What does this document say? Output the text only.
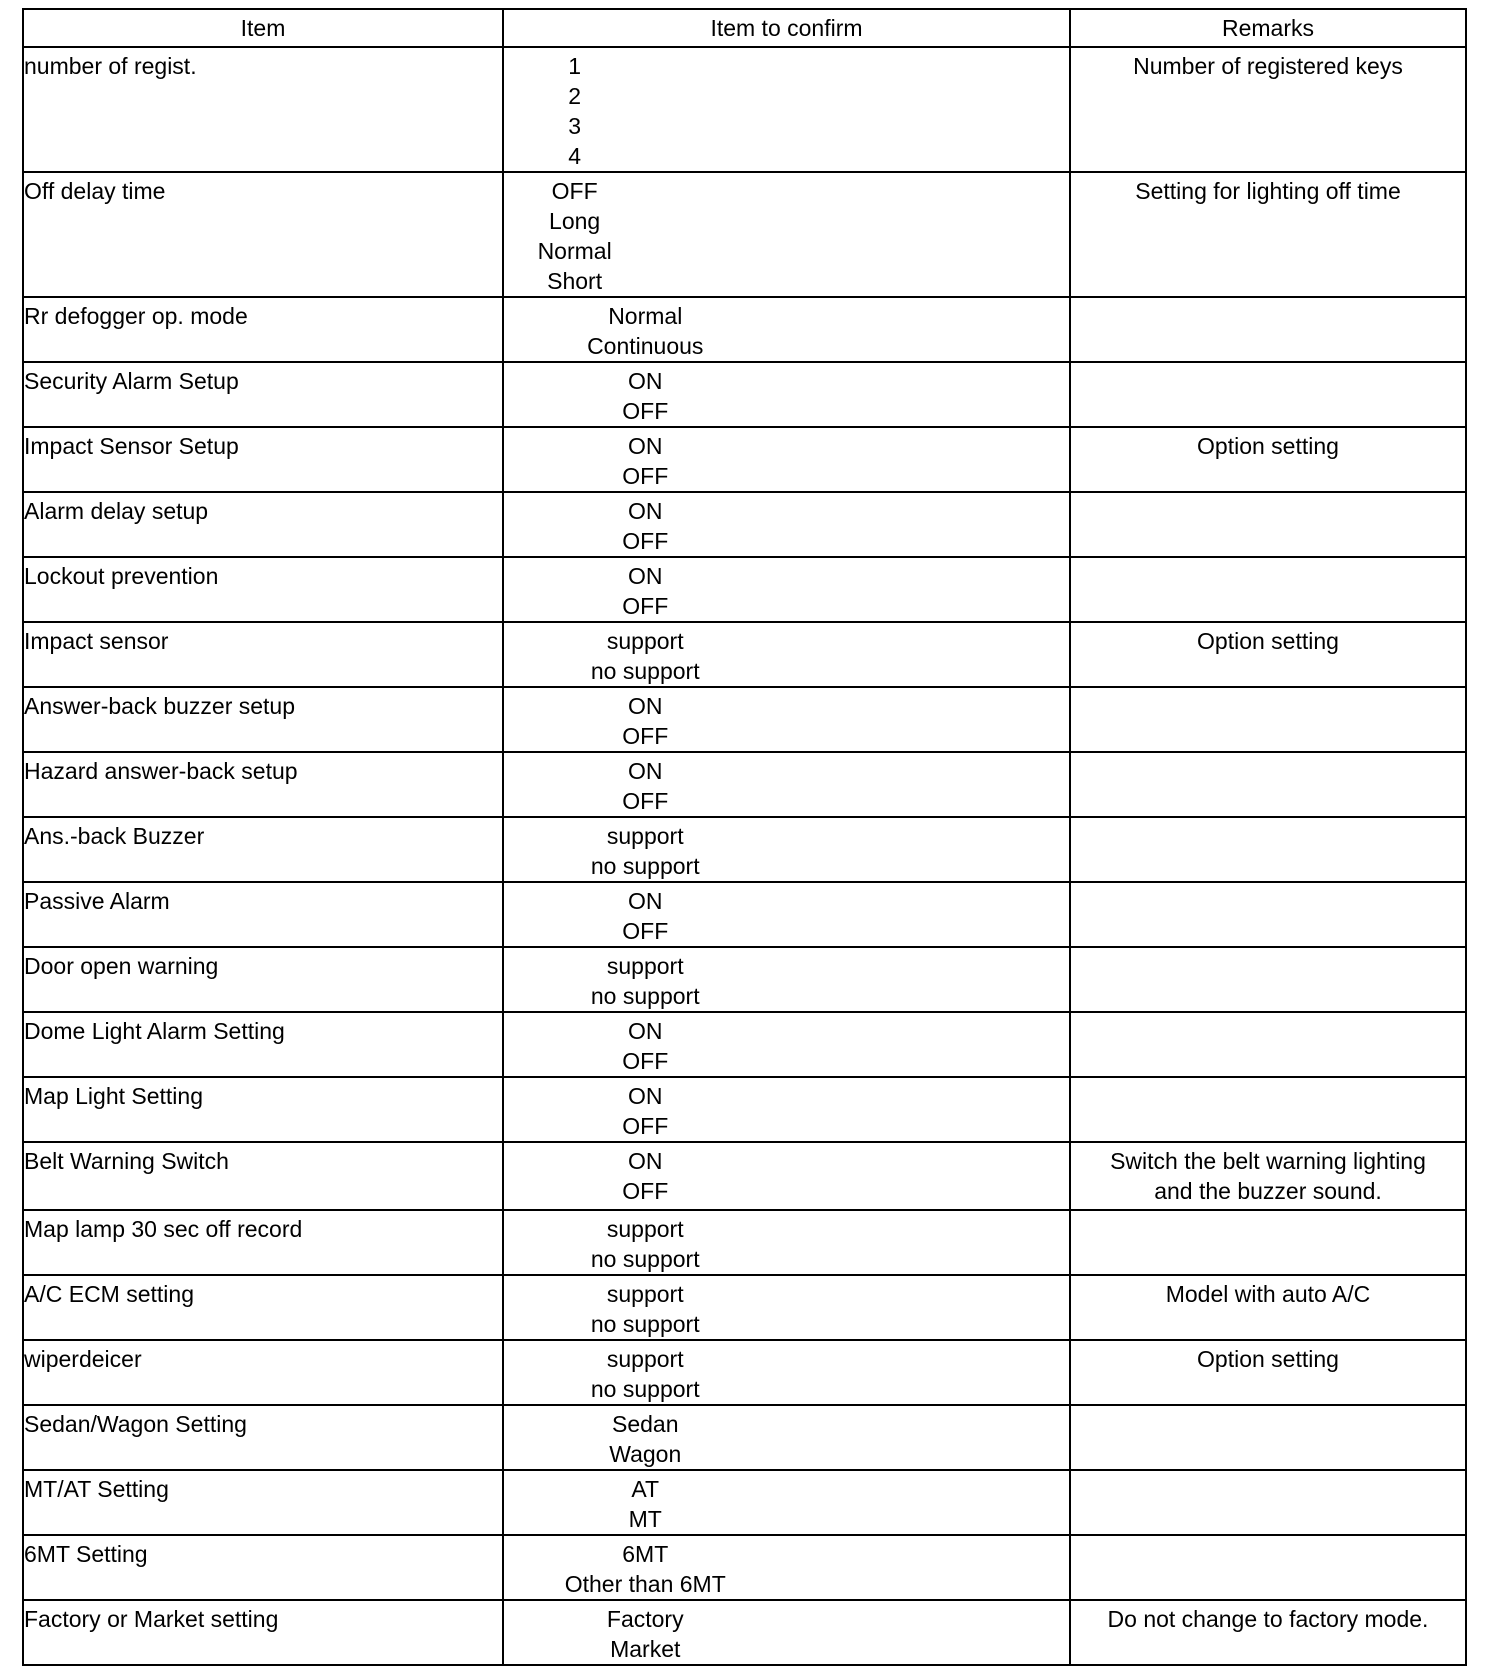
Item	Item to confirm	Remarks

number of regist.	1
2
3
4	Number of registered keys

Off delay time	OFF
Long
Normal
Short	Setting for lighting off time

Rr defogger op. mode	Normal
Continuous	

Security Alarm Setup	ON
OFF	

Impact Sensor Setup	ON
OFF	Option setting

Alarm delay setup	ON
OFF	

Lockout prevention	ON
OFF	

Impact sensor	support
no support	Option setting

Answer-back buzzer setup	ON
OFF	

Hazard answer-back setup	ON
OFF	

Ans.-back Buzzer	support
no support	

Passive Alarm	ON
OFF	

Door open warning	support
no support	

Dome Light Alarm Setting	ON
OFF	

Map Light Setting	ON
OFF	

Belt Warning Switch	ON
OFF	Switch the belt warning lighting
and the buzzer sound.

Map lamp 30 sec off record	support
no support	

A/C ECM setting	support
no support	Model with auto A/C

wiperdeicer	support
no support	Option setting

Sedan/Wagon Setting	Sedan
Wagon	

MT/AT Setting	AT
MT	

6MT Setting	6MT
Other than 6MT	

Factory or Market setting	Factory
Market	Do not change to factory mode.
